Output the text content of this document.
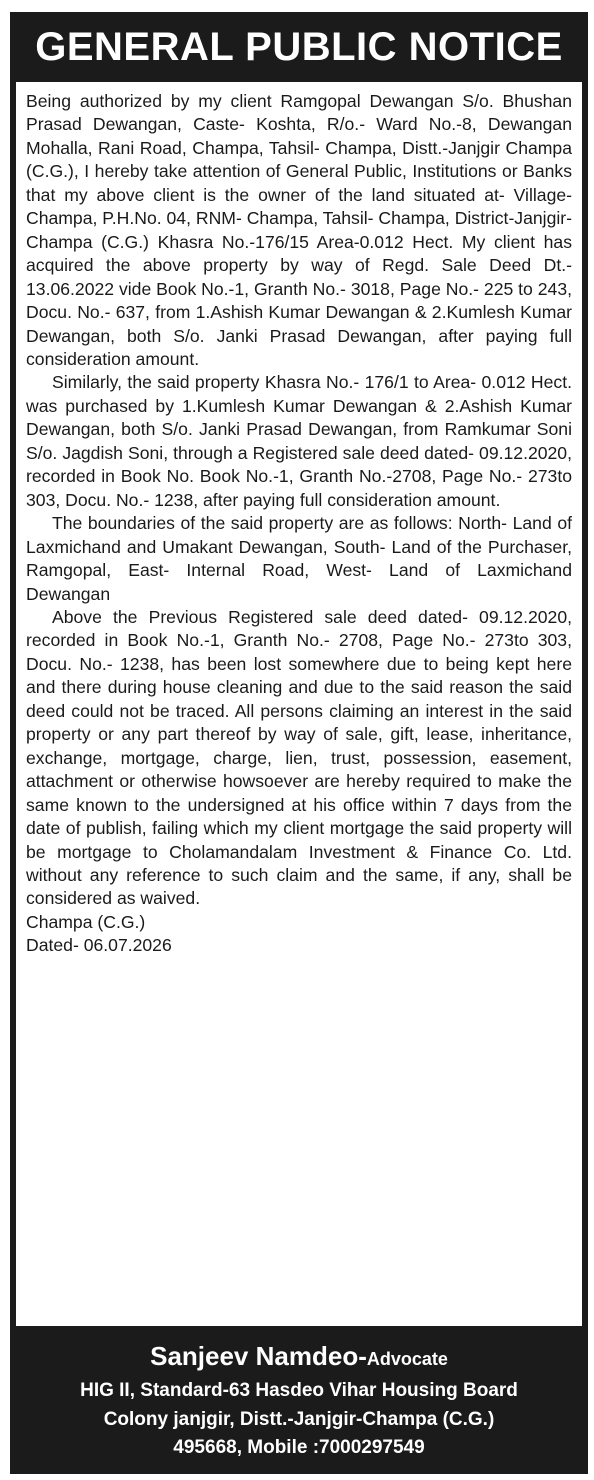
GENERAL PUBLIC NOTICE

Being authorized by my client Ramgopal Dewangan S/o. Bhushan Prasad Dewangan, Caste- Koshta, R/o.- Ward No.-8, Dewangan Mohalla, Rani Road, Champa, Tahsil- Champa, Distt.-Janjgir Champa (C.G.), I hereby take attention of General Public, Institutions or Banks that my above client is the owner of the land situated at- Village- Champa, P.H.No. 04, RNM- Champa, Tahsil- Champa, District-Janjgir-Champa (C.G.) Khasra No.-176/15 Area-0.012 Hect. My client has acquired the above property by way of Regd. Sale Deed Dt.- 13.06.2022 vide Book No.-1, Granth No.- 3018, Page No.- 225 to 243, Docu. No.- 637, from 1.Ashish Kumar Dewangan & 2.Kumlesh Kumar Dewangan, both S/o. Janki Prasad Dewangan, after paying full consideration amount.

Similarly, the said property Khasra No.- 176/1 to Area- 0.012 Hect. was purchased by 1.Kumlesh Kumar Dewangan & 2.Ashish Kumar Dewangan, both S/o. Janki Prasad Dewangan, from Ramkumar Soni S/o. Jagdish Soni, through a Registered sale deed dated- 09.12.2020, recorded in Book No. Book No.-1, Granth No.-2708, Page No.- 273to 303, Docu. No.- 1238, after paying full consideration amount.

The boundaries of the said property are as follows: North- Land of Laxmichand and Umakant Dewangan, South- Land of the Purchaser, Ramgopal, East- Internal Road, West- Land of Laxmichand Dewangan

Above the Previous Registered sale deed dated- 09.12.2020, recorded in Book No.-1, Granth No.- 2708, Page No.- 273to 303, Docu. No.- 1238, has been lost somewhere due to being kept here and there during house cleaning and due to the said reason the said deed could not be traced. All persons claiming an interest in the said property or any part thereof by way of sale, gift, lease, inheritance, exchange, mortgage, charge, lien, trust, possession, easement, attachment or otherwise howsoever are hereby required to make the same known to the undersigned at his office within 7 days from the date of publish, failing which my client mortgage the said property will be mortgage to Cholamandalam Investment & Finance Co. Ltd. without any reference to such claim and the same, if any, shall be considered as waived.

Champa (C.G.)

Dated- 06.07.2026

Sanjeev Namdeo-Advocate
HIG II, Standard-63 Hasdeo Vihar Housing Board
Colony janjgir, Distt.-Janjgir-Champa (C.G.)
495668, Mobile :7000297549
